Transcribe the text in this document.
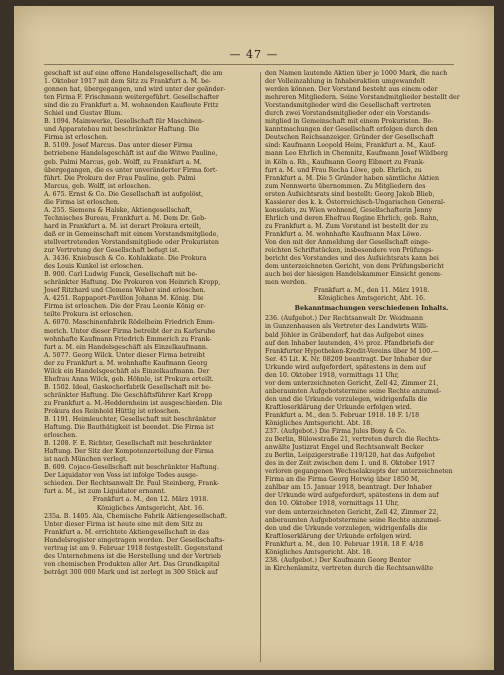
— 47 —

geschaft ist auf eine offene Handelsgesellschaft, die am

1. Oktober 1917 mit dem Sitz zu Frankfurt a. M. be-

gonnen hat, übergegangen, und wird unter der geänder-

ten Firma F. Frischmann weitergeführt. Gesellschafter

sind die zu Frankfurt a. M. wohnenden Kaufleute Fritz

Schiel und Gustav Blum.

B. 1094. Maimwerke, Gesellschaft für Maschinen-

und Apparatebau mit beschränkter Haftung. Die

Firma ist erloschen.

B. 5109. Josef Marcus. Das unter dieser Firma

betriebene Handelsgeschäft ist auf die Witwe Pauline,

geb. Palmi Marcus, geb. Wolff, zu Frankfurt a. M.

übergegangen, die es unter unveränderter Firma fort-

führt. Die Prokura der Frau Pauline, geb. Palmi

Marcus, geb. Wolff, ist erloschen.

A. 675. Ernst & Co. Die Gesellschaft ist aufgelöst,

die Firma ist erloschen.

A. 255. Siemens & Halske, Aktiengesellschaft,

Technisches Bureau, Frankfurt a. M. Dem Dr. Geb-

hard in Frankfurt a. M. ist derart Prokura erteilt,

daß er in Gemeinschaft mit einem Vorstandsmitgliede,

stellvertretenden Vorstandsmitgliede oder Prokuristen

zur Vertretung der Gesellschaft befugt ist.

A. 3436. Kniebusch & Co. Kohlakkate. Die Prokura

des Louis Kunkel ist erloschen.

B. 900. Carl Ludwig Funck, Gesellschaft mit be-

schränkter Haftung. Die Prokuren von Heinrich Kropp,

Josef Ritzhard und Clemens Weber sind erloschen.

A. 4251. Rappaport-Pavillon Johann M. König. Die

Firma ist erloschen. Die der Frau Leonie König er-

teilte Prokura ist erloschen.

A. 6070. Maschinenfabrik Rödelheim Friedrich Emm-

merich. Unter dieser Firma betreibt der zu Karlsruhe

wohnhafte Kaufmann Friedrich Emmerich zu Frank-

furt a. M. ein Handelsgeschäft als Einzelkaufmann.

A. 5077. Georg Wilck. Unter dieser Firma betreibt

der zu Frankfurt a. M. wohnhafte Kaufmann Georg

Wilck ein Handelsgeschäft als Einzelkaufmann. Der

Ehefrau Anna Wilck, geb. Höhnle, ist Prokura erteilt.

B. 1502. Ideal, Gaskocherfabrik Gesellschaft mit be-

schränkter Haftung. Die Geschäftsführer Karl Kropp

zu Frankfurt a. M.-Heddernheim ist ausgeschieden. Die

Prokura des Reinhold Hüttig ist erloschen.

B. 1191. Heimleuchter, Gesellschaft mit beschränkter

Haftung. Die Bauthätigkeit ist beendet. Die Firma ist

erloschen.

B. 1208. F. E. Richter, Gesellschaft mit beschränkter

Haftung. Der Sitz der Kompotenzerteilung der Firma

ist nach München verlegt.

B. 609. Cojaco-Gesellschaft mit beschränkter Haftung.

Der Liquidator von Voss ist infolge Todes ausge-

schieden. Der Rechtsanwalt Dr. Paul Steinberg, Frank-

furt a. M., ist zum Liquidator ernannt.

Frankfurt a. M., den 12. März 1918.

Königliches Amtsgericht, Abt. 16.

235a. B. 1405. Ala, Chemische Fabrik Aktiengesellschaft.

Unter dieser Firma ist heute eine mit dem Sitz zu

Frankfurt a. M. errichtete Aktiengesellschaft in das

Handelsregister eingetragen worden. Der Gesellschafts-

vertrag ist am 9. Februar 1918 festgestellt. Gegenstand

des Unternehmens ist die Herstellung und der Vertrieb

von chemischen Produkten aller Art. Das Grundkapital

beträgt 300 000 Mark und ist zerlegt in 300 Stück auf

den Namen lautende Aktien über je 1000 Mark, die nach

der Volleinzahlung in Inhaberaktien umgewandelt

werden können. Der Vorstand besteht aus einem oder

mehreren Mitgliedern. Seine Vorstandmitglieder bestellt der

Vorstandsmitglieder wird die Gesellschaft vertreten

durch zwei Vorstandsmitglieder oder ein Vorstands-

mitglied in Gemeinschaft mit einem Prokuristen. Be-

kanntmachungen der Gesellschaft erfolgen durch den

Deutschen Reichsanzeiger. Gründer der Gesellschaft

sind: Kaufmann Leopold Heim, Frankfurt a. M., Kauf-

mann Leo Ehrlich in Chemnitz, Kaufmann Josef Wildberg

in Köln a. Rh., Kaufmann Georg Eibnert zu Frank-

furt a. M. und Frau Recha Löwe, geb. Ehrlich, zu

Frankfurt a. M. Die 5 Gründer haben sämtliche Aktien

zum Nennwerte übernommen. Zu Mitgliedern des

ersten Aufsichtsrats sind bestellt: Georg Jakob Blieb,

Kassierer des k. k. Österreichisch-Ungarischen General-

konsulats, zu Wien wohnend, Gesellschafterin Jenny

Ehrlich und deren Ehefrau Regine Ehrlich, geb. Rahn,

zu Frankfurt a. M. Zum Vorstand ist bestellt der zu

Frankfurt a. M. wohnhafte Kaufmann Max Löwe.

Von den mit der Anmeldung der Gesellschaft einge-

reichten Schriftstücken, insbesondere von Prüfungs-

bericht des Vorstandes und des Aufsichtsrats kann bei

dem unterzeichneten Gericht, von dem Prüfungsbericht

auch bei der hiesigen Handelskammer Einsicht genom-

men werden.

Frankfurt a. M., den 11. März 1918.

Königliches Amtsgericht, Abt. 16.

Bekanntmachungen verschiedenen Inhalts.

236. (Aufgebot.) Der Rechtsanwalt Dr. Weidmann

in Gunzenhausen als Vertreter des Landwirts Willi-

bald Jöhler in Gräbendorf, hat das Aufgebot eines

auf den Inhaber lautenden, 4½ proz. Pfandbriefs der

Frankfurter Hypotheken-Kredit-Vereins über M 100.—

Ser. 45 Lit. K. Nr. 08209 beantragt. Der Inhaber der

Urkunde wird aufgefordert, spätestens in dem auf

den 10. Oktober 1918, vormittags 11 Uhr,

vor dem unterzeichneten Gericht, Zell 42, Zimmer 21,

anberaumten Aufgebotstermine seine Rechte anzumel-

den und die Urkunde vorzulegen, widrigenfalls die

Kraftloserklärung der Urkunde erfolgen wird.

Frankfurt a. M., den 5. Februar 1918. 18 F. 1/18

Königliches Amtsgericht. Abt. 18.

237. (Aufgebot.) Die Firma Jules Bony & Co.

zu Berlin, Bülowstraße 21, vertreten durch die Rechts-

anwälte Justizrat Engel und Rechtsanwalt Becker

zu Berlin, Leipzigerstraße 119/120, hat das Aufgebot

des in der Zeit zwischen dem 1. und 8. Oktober 1917

verloren gegangenen Wechselakzepts der unterzeichneten

Firma an die Firma Georg Herwig über 1850 M,

zahlbar am 15. Januar 1918, beantragt. Der Inhaber

der Urkunde wird aufgefordert, spätestens in dem auf

den 10. Oktober 1918, vormittags 11 Uhr,

vor dem unterzeichneten Gericht, Zell 42, Zimmer 22,

anberaumten Aufgebotstermine seine Rechte anzumel-

den und die Urkunde vorzulegen, widrigenfalls die

Kraftloserklärung der Urkunde erfolgen wird.

Frankfurt a. M., den 10. Februar 1918. 18 F. 4/18

Königliches Amtsgericht. Abt. 18.

238. (Aufgebot.) Der Kaufmann Georg Benter

in Kirchenlamitz, vertreten durch die Rechtsanwälte
